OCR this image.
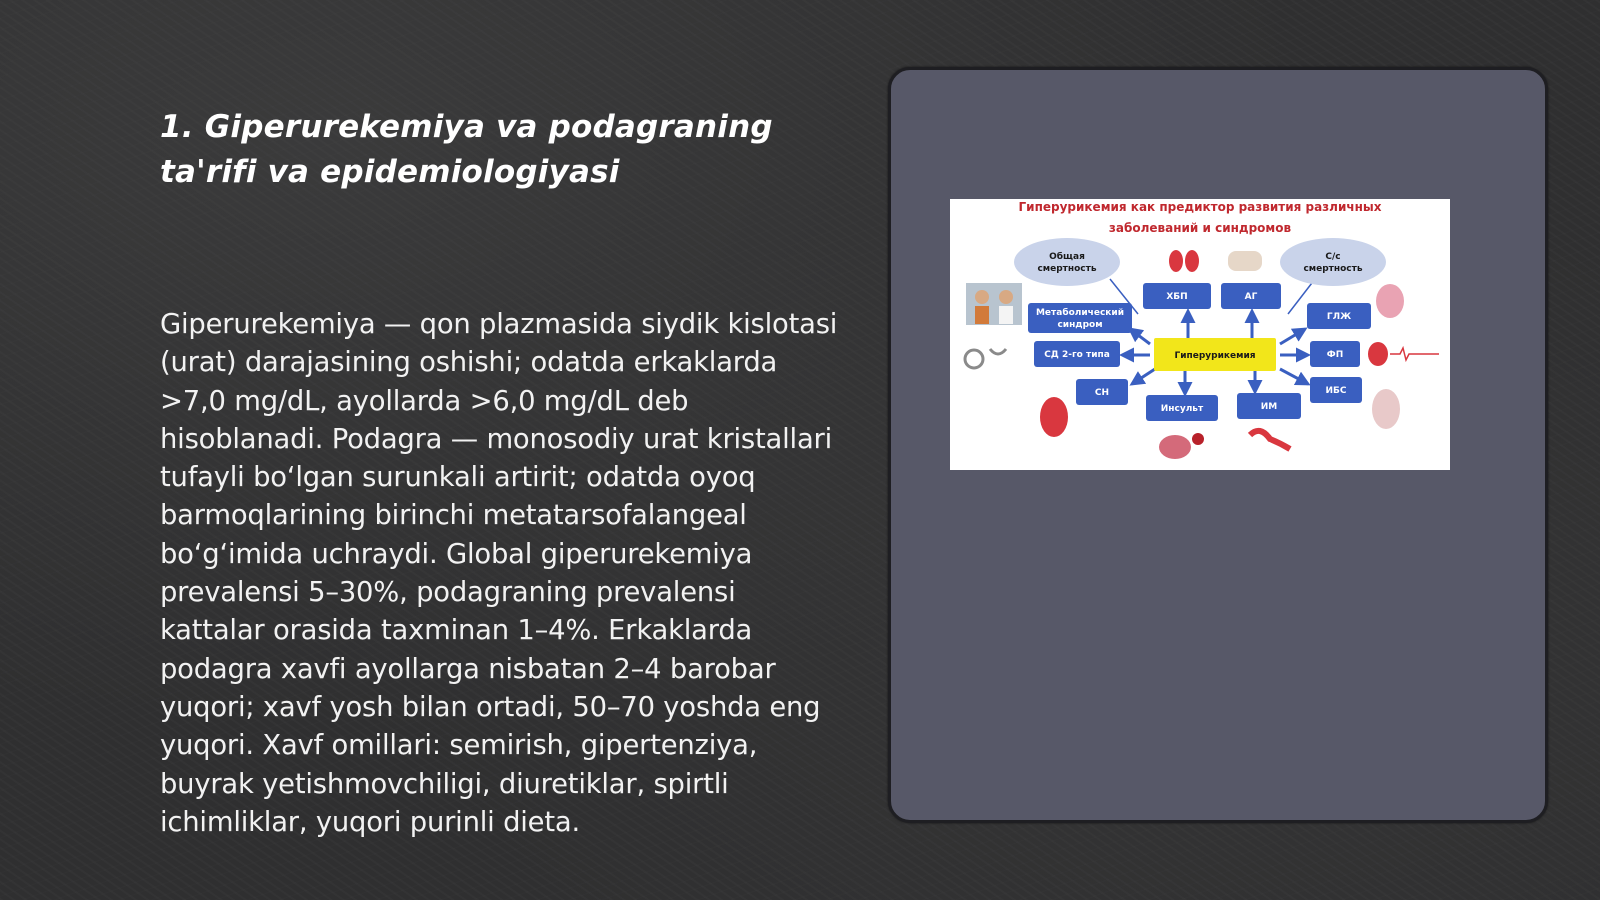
1. Giperurekemiya va podagraning
ta'rifi va epidemiologiyasi

Giperurekemiya — qon plazmasida siydik kislotasi (urat) darajasining oshishi; odatda erkaklarda >7,0 mg/dL, ayollarda >6,0 mg/dL deb hisoblanadi. Podagra — monosodiy urat kristallari tufayli bo‘lgan surunkali artirit; odatda oyoq barmoqlarining birinchi metatarsofalangeal bo‘g‘imida uchraydi. Global giperurekemiya prevalensi 5–30%, podagraning prevalensi kattalar orasida taxminan 1–4%. Erkaklarda podagra xavfi ayollarga nisbatan 2–4 barobar yuqori; xavf yosh bilan ortadi, 50–70 yoshda eng yuqori. Xavf omillari: semirish, gipertenziya, buyrak yetishmovchiligi, diuretiklar, spirtli ichimliklar, yuqori purinli dieta.

Гиперурикемия как предиктор развития различных
заболеваний и синдромов
Общая
смертность
С/с
смертность
ХБП	АГ
Метаболический
синдром
ГЛЖ
СД 2-го типа	Гиперурикемия	ФП
СН	ИБС
Инсульт	ИМ
